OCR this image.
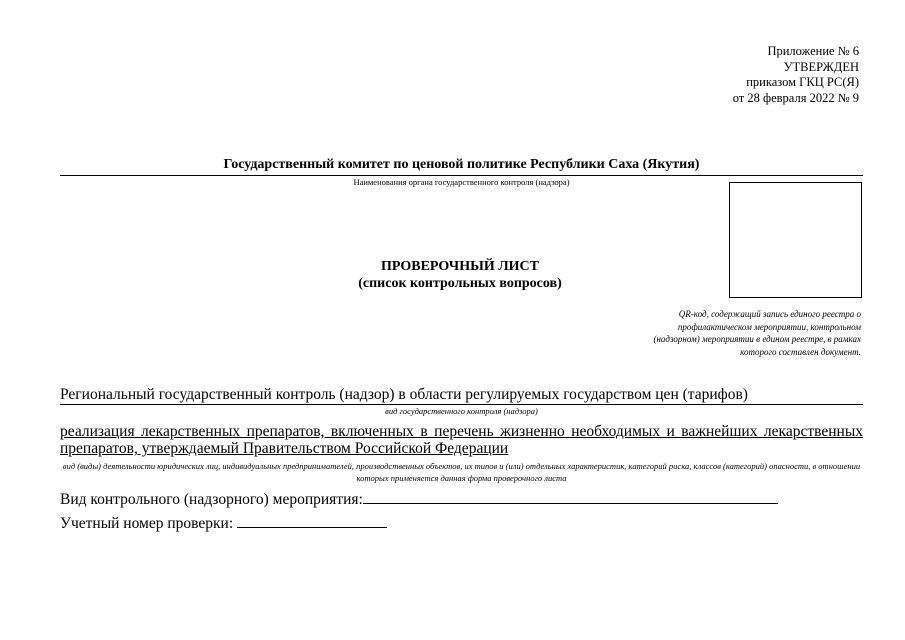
Приложение № 6
УТВЕРЖДЕН
приказом ГКЦ РС(Я)
от 28 февраля 2022 № 9
Государственный комитет по ценовой политике Республики Саха (Якутия)
Наименования органа государственного контроля (надзора)
ПРОВЕРОЧНЫЙ ЛИСТ
(список контрольных вопросов)
QR-код, содержащий запись единого реестра о профилактическом мероприятии, контрольном (надзорном) мероприятии в едином реестре, в рамках которого составлен документ.
Региональный государственный контроль (надзор) в области регулируемых государством цен (тарифов)
вид государственного контроля (надзора)
реализация лекарственных препаратов, включенных в перечень жизненно необходимых и важнейших лекарственных препаратов, утверждаемый Правительством Российской Федерации
вид (виды) деятельности юридических лиц, индивидуальных предпринимателей, производственных объектов, их типов и (или) отдельных характеристик, категорий риска, классов (категорий) опасности, в отношении которых применяется данная форма проверочного листа
Вид контрольного (надзорного) мероприятия:
Учетный номер проверки:
